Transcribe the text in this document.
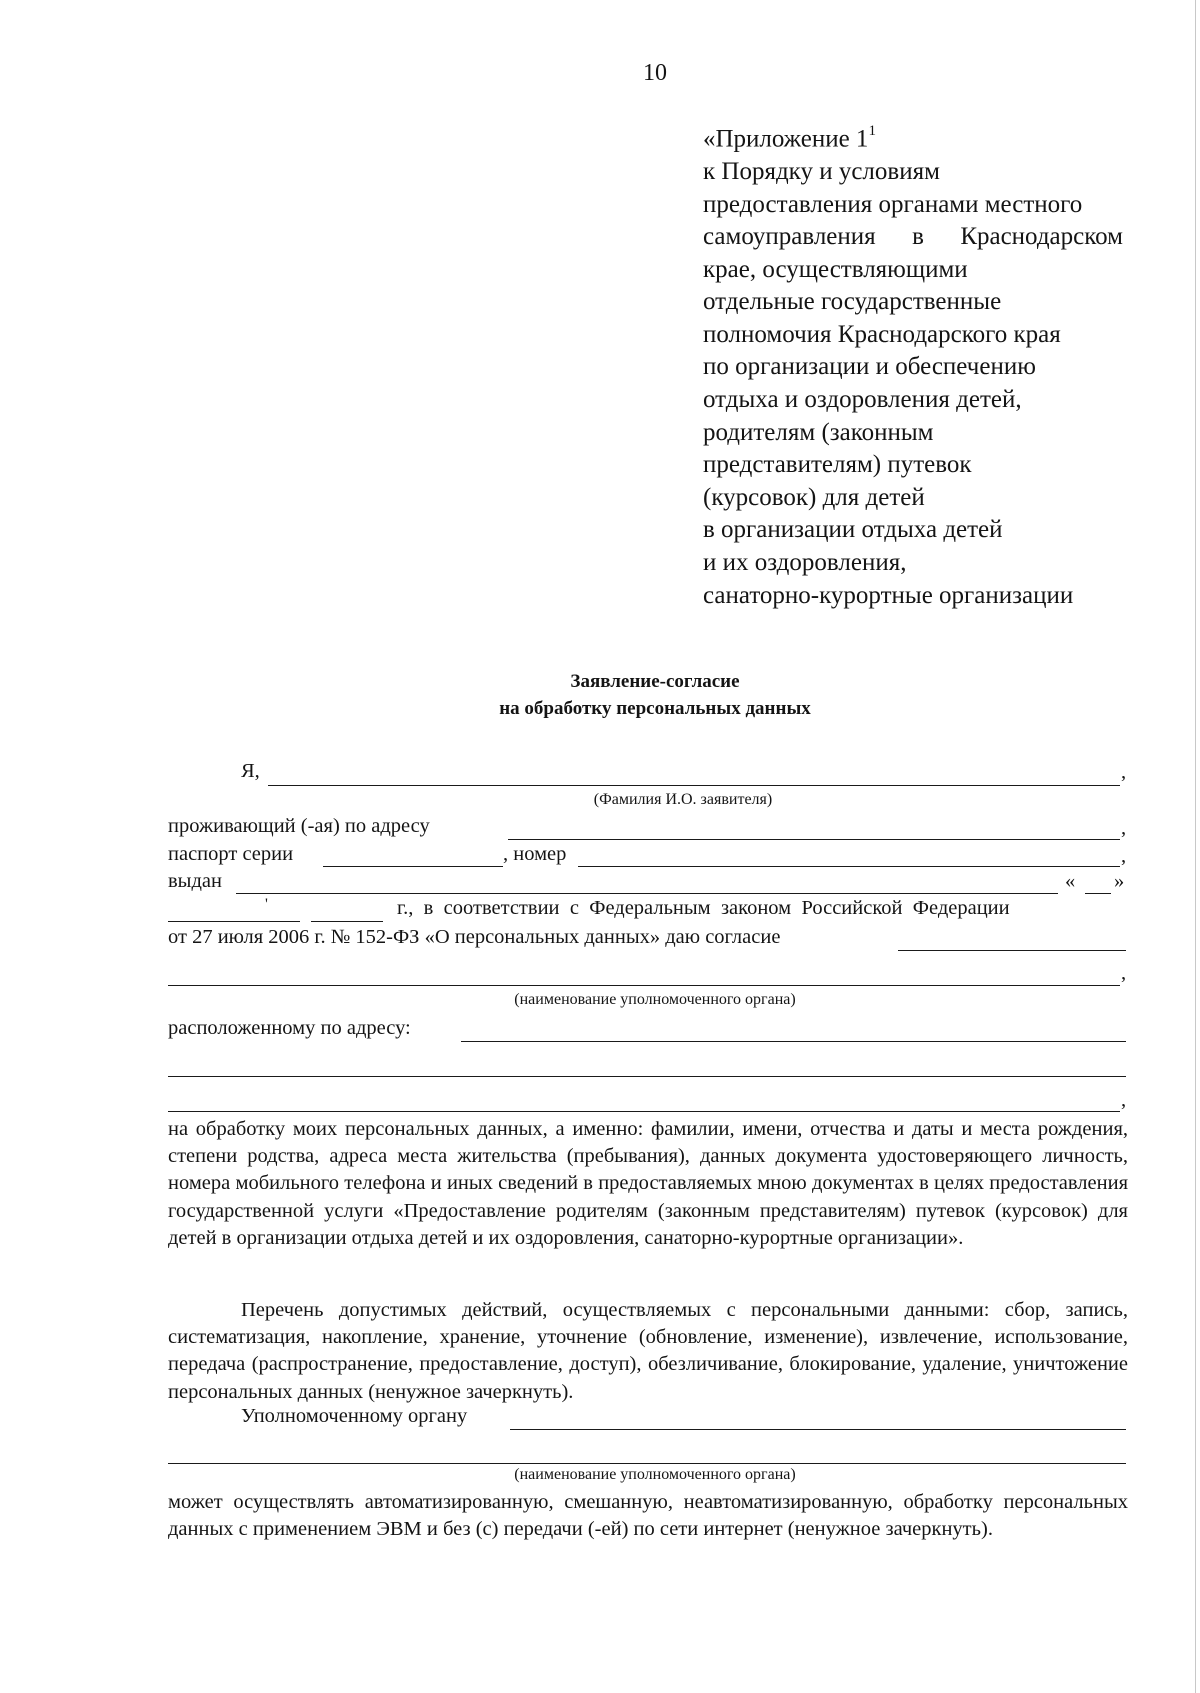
10
«Приложение $1^1$
к Порядку и условиям
предоставления органами местного
самоуправления в Краснодарском
крае, осуществляющими
отдельные государственные
полномочия Краснодарского края
по организации и обеспечению
отдыха и оздоровления детей,
родителям (законным
представителям) путевок
(курсовок) для детей
в организации отдыха детей
и их оздоровления,
санаторно-курортные организации
Заявление-согласие
на обработку персональных данных
Я,	,
(Фамилия И.О. заявителя)
проживающий (-ая) по адресу	,
паспорт серии	, номер	,
выдан	« »
'	г., в соответствии с Федеральным законом Российской Федерации
от 27 июля 2006 г. № 152-ФЗ «О персональных данных» даю согласие
,
(наименование уполномоченного органа)
расположенному по адресу:
,
на обработку моих персональных данных, а именно: фамилии, имени, отчества и даты и места рождения, степени родства, адреса места жительства (пребывания), данных документа удостоверяющего личность, номера мобильного телефона и иных сведений в предоставляемых мною документах в целях предоставления государственной услуги «Предоставление родителям (законным представителям) путевок (курсовок) для детей в организации отдыха детей и их оздоровления, санаторно-курортные организации».
Перечень допустимых действий, осуществляемых с персональными данными: сбор, запись, систематизация, накопление, хранение, уточнение (обновление, изменение), извлечение, использование, передача (распространение, предоставление, доступ), обезличивание, блокирование, удаление, уничтожение персональных данных (ненужное зачеркнуть).
Уполномоченному органу
(наименование уполномоченного органа)
может осуществлять автоматизированную, смешанную, неавтоматизированную, обработку персональных данных с применением ЭВМ и без (с) передачи (-ей) по сети интернет (ненужное зачеркнуть).
